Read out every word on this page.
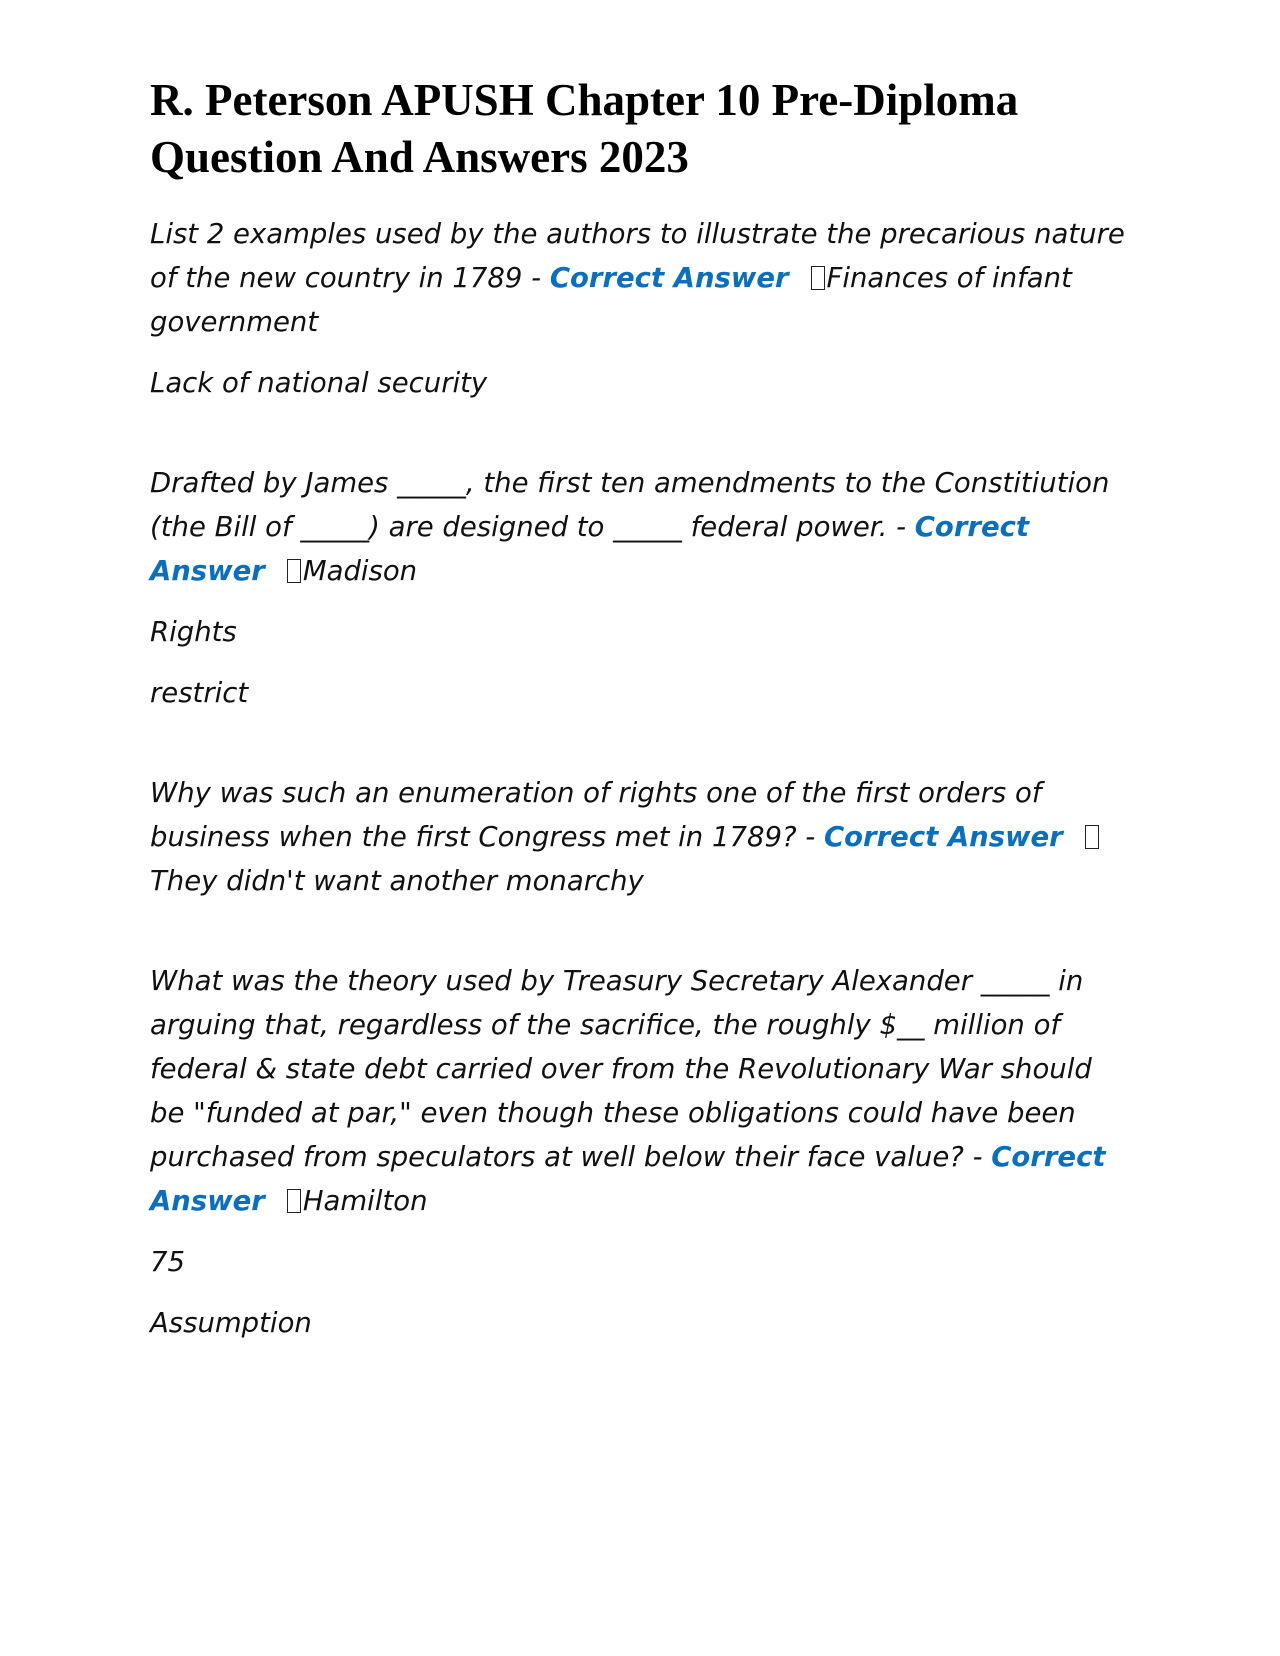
R. Peterson APUSH Chapter 10 Pre-Diploma Question And Answers 2023

List 2 examples used by the authors to illustrate the precarious nature of the new country in 1789 - Correct Answer Finances of infant government

Lack of national security

Drafted by James _____, the first ten amendments to the Constitiution (the Bill of _____) are designed to _____ federal power. - Correct Answer Madison

Rights

restrict

Why was such an enumeration of rights one of the first orders of business when the first Congress met in 1789? - Correct AnswerThey didn't want another monarchy

What was the theory used by Treasury Secretary Alexander _____ in arguing that, regardless of the sacrifice, the roughly $__ million of federal & state debt carried over from the Revolutionary War should be "funded at par," even though these obligations could have been purchased from speculators at well below their face value? - Correct Answer Hamilton

75

Assumption
